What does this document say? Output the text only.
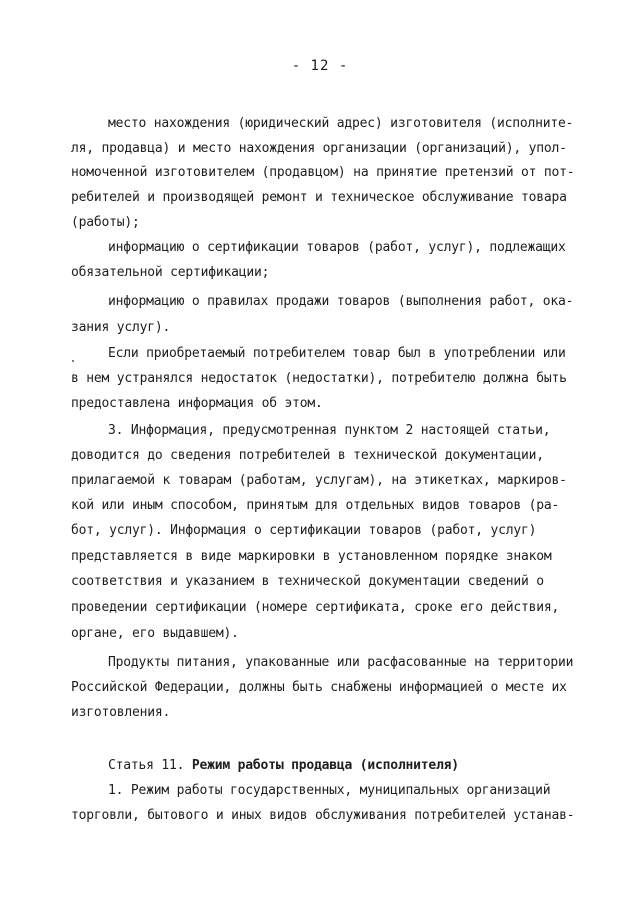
- 12 -
место нахождения (юридический адрес) изготовителя (исполните-
ля, продавца) и место нахождения организации (организаций), упол-
номоченной изготовителем (продавцом) на принятие претензий от пот-
ребителей и производящей ремонт и техническое обслуживание товара
(работы);
информацию о сертификации товаров (работ, услуг), подлежащих
обязательной сертификации;
информацию о правилах продажи товаров (выполнения работ, ока-
зания услуг).
Если приобретаемый потребителем товар был в употреблении или
в нем устранялся недостаток (недостатки), потребителю должна быть
предоставлена информация об этом.
3. Информация, предусмотренная пунктом 2 настоящей статьи,
доводится до сведения потребителей в технической документации,
прилагаемой к товарам (работам, услугам), на этикетках, маркиров-
кой или иным способом, принятым для отдельных видов товаров (ра-
бот, услуг). Информация о сертификации товаров (работ, услуг)
представляется в виде маркировки в установленном порядке знаком
соответствия и указанием в технической документации сведений о
проведении сертификации (номере сертификата, сроке его действия,
органе, его выдавшем).
Продукты питания, упакованные или расфасованные на территории
Российской Федерации, должны быть снабжены информацией о месте их
изготовления.
Статья 11. Режим работы продавца (исполнителя)
1. Режим работы государственных, муниципальных организаций
торговли, бытового и иных видов обслуживания потребителей устанав-
